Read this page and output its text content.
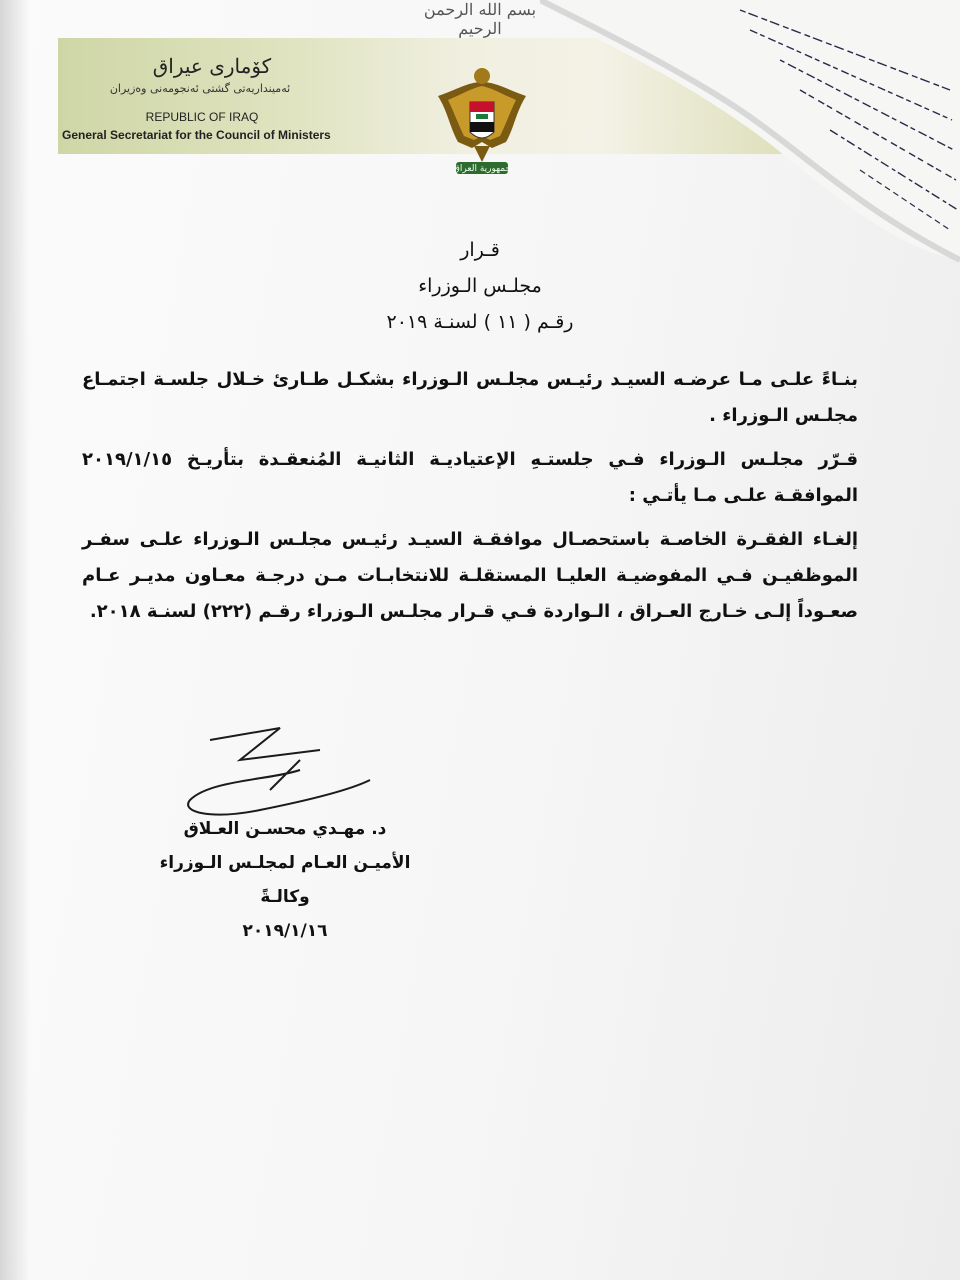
کۆماری عیراق
ئه‌مینداریه‌تی گشتی ئه‌نجومه‌نی وه‌زیران
REPUBLIC OF IRAQ
General Secretariat for the Council of Ministers
جمهورية العراق
بسم الله الرحمن الرحيم
قـرار
مجلـس الـوزراء
رقـم ( ١١ ) لسنـة ٢٠١٩

بنـاءً علـى مـا عرضـه السيـد رئيـس مجلـس الـوزراء بشكـل طـارئ خـلال جلسـة اجتمـاع مجلـس الـوزراء .

قـرّر مجلـس الـوزراء فـي جلستـهِ الإعتياديـة الثانيـة المُنعقـدة بتأريـخ ٢٠١٩/١/١٥ الموافقـة علـى مـا يأتـي :

إلغـاء الفقـرة الخاصـة باستحصـال موافقـة السيـد رئيـس مجلـس الـوزراء علـى سفـر الموظفيـن فـي المفوضيـة العليـا المستقلـة للانتخابـات مـن درجـة معـاون مديـر عـام صعـوداً إلـى خـارج العـراق ، الـواردة فـي قـرار مجلـس الـوزراء رقـم (٢٢٢) لسنـة ٢٠١٨.

د. مهـدي محسـن العـلاق
الأميـن العـام لمجلـس الـوزراء وكالـةً
٢٠١٩/١/١٦
